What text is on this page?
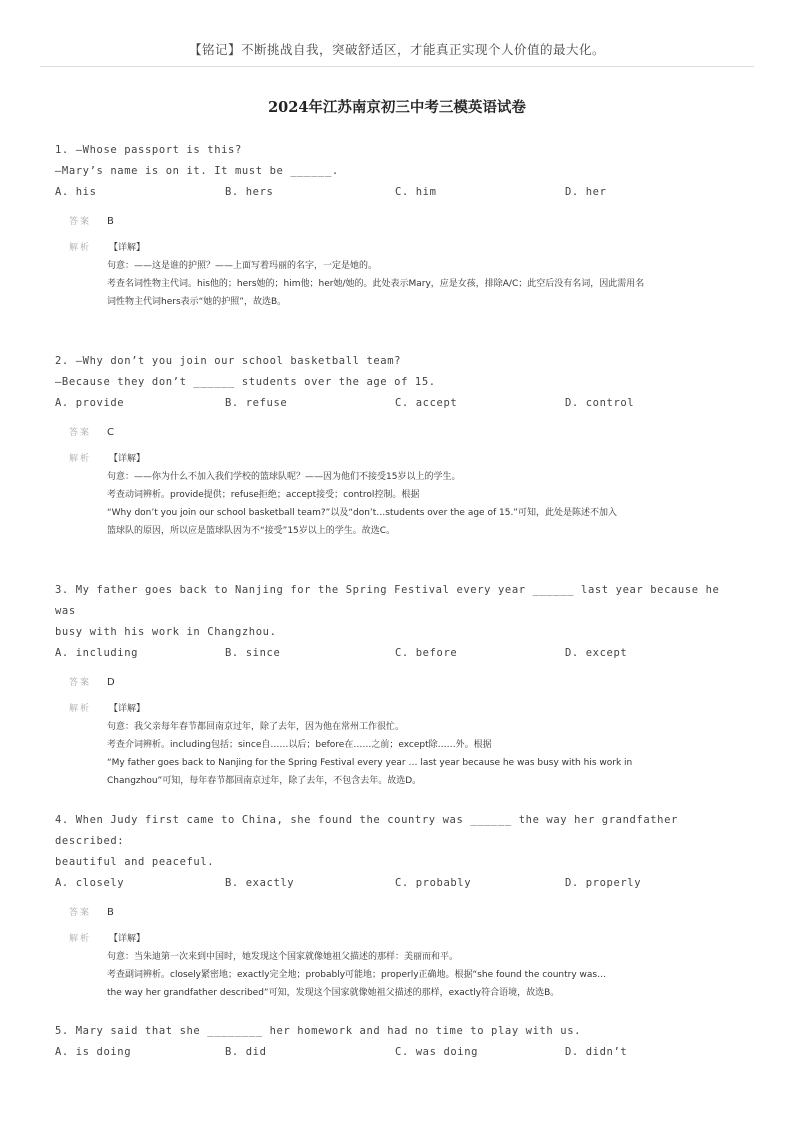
【铭记】不断挑战自我，突破舒适区，才能真正实现个人价值的最大化。
2024年江苏南京初三中考三模英语试卷
1. —Whose passport is this?
—Mary’s name is on it. It must be ______.
A. his	B. hers	C. him	D. her
答案 B
解析 【详解】
句意：——这是谁的护照？——上面写着玛丽的名字，一定是她的。
考查名词性物主代词。his他的；hers她的；him他；her她/她的。此处表示Mary，应是女孩，排除A/C；此空后没有名词，因此需用名
词性物主代词hers表示“她的护照”，故选B。
2. —Why don’t you join our school basketball team?
—Because they don’t ______ students over the age of 15.
A. provide	B. refuse	C. accept	D. control
答案 C
解析 【详解】
句意：——你为什么不加入我们学校的篮球队呢？——因为他们不接受15岁以上的学生。
考查动词辨析。provide提供；refuse拒绝；accept接受；control控制。根据
“Why don’t you join our school basketball team?”以及“don’t…students over the age of 15.”可知，此处是陈述不加入
篮球队的原因，所以应是篮球队因为不“接受”15岁以上的学生。故选C。
3. My father goes back to Nanjing for the Spring Festival every year ______ last year because he was
busy with his work in Changzhou.
A. including	B. since	C. before	D. except
答案 D
解析 【详解】
句意：我父亲每年春节都回南京过年，除了去年，因为他在常州工作很忙。
考查介词辨析。including包括；since自……以后；before在……之前；except除……外。根据
“My father goes back to Nanjing for the Spring Festival every year … last year because he was busy with his work in
Changzhou”可知，每年春节都回南京过年，除了去年，不包含去年。故选D。
4. When Judy first came to China, she found the country was ______ the way her grandfather described:
beautiful and peaceful.
A. closely	B. exactly	C. probably	D. properly
答案 B
解析 【详解】
句意：当朱迪第一次来到中国时，她发现这个国家就像她祖父描述的那样：美丽而和平。
考查副词辨析。closely紧密地；exactly完全地；probably可能地；properly正确地。根据“she found the country was…
the way her grandfather described”可知，发现这个国家就像她祖父描述的那样，exactly符合语境，故选B。
5. Mary said that she ________ her homework and had no time to play with us.
A. is doing	B. did	C. was doing	D. didn’t
